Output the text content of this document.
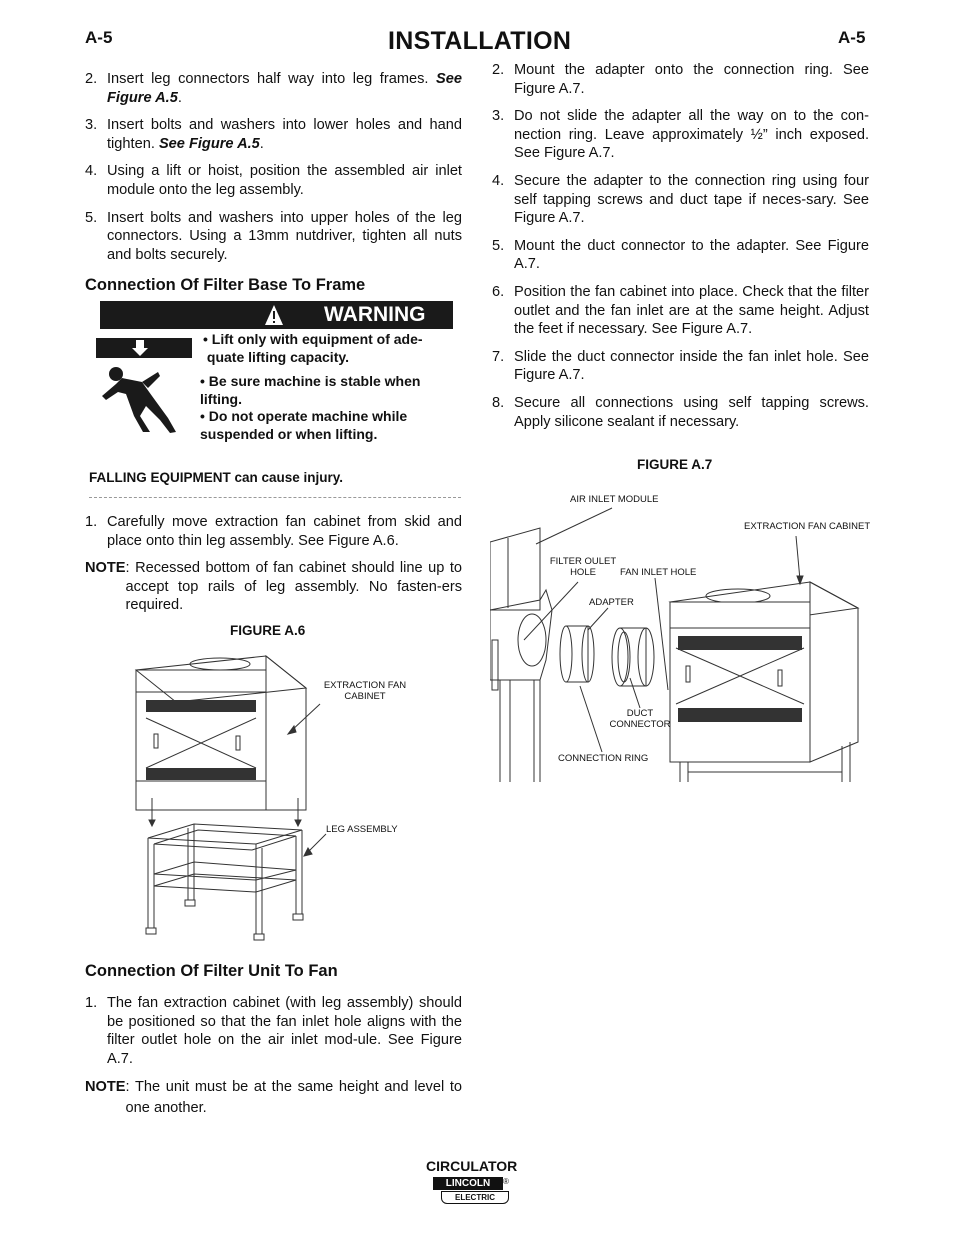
A-5	INSTALLATION	A-5
2. Insert leg connectors half way into leg frames. See Figure A.5.
3. Insert bolts and washers into lower holes and hand tighten. See Figure A.5.
4. Using a lift or hoist, position the assembled air inlet module onto the leg assembly.
5. Insert bolts and washers into upper holes of the leg connectors. Using a 13mm nutdriver, tighten all nuts and bolts securely.
Connection Of Filter Base To Frame
WARNING
• Lift only with equipment of ade- quate lifting capacity.
• Be sure machine is stable when lifting.
• Do not operate machine while suspended or when lifting.
FALLING EQUIPMENT can cause injury.
1. Carefully move extraction fan cabinet from skid and place onto thin leg assembly. See Figure A.6.
NOTE : Recessed bottom of fan cabinet should line up to accept top rails of leg assembly. No fasten-ers required.
FIGURE A.6
EXTRACTION FAN
CABINET
LEG ASSEMBLY
Connection Of Filter Unit To Fan
1. The fan extraction cabinet (with leg assembly) should be positioned so that the fan inlet hole aligns with the filter outlet hole on the air inlet mod-ule. See Figure A.7.
NOTE : The unit must be at the same height and level to one another.
2. Mount the adapter onto the connection ring. See Figure A.7.
3. Do not slide the adapter all the way on to the con-nection ring. Leave approximately ½” inch exposed. See Figure A.7.
4. Secure the adapter to the connection ring using four self tapping screws and duct tape if neces-sary. See Figure A.7.
5. Mount the duct connector to the adapter. See Figure A.7.
6. Position the fan cabinet into place. Check that the filter outlet and the fan inlet are at the same height. Adjust the feet if necessary. See Figure A.7.
7. Slide the duct connector inside the fan inlet hole. See Figure A.7.
8. Secure all connections using self tapping screws. Apply silicone sealant if necessary.
FIGURE A.7
AIR INLET MODULE
EXTRACTION FAN CABINET
FILTER OULET
HOLE	FAN INLET HOLE
ADAPTER
DUCT
CONNECTOR
CONNECTION RING
CIRCULATOR
LINCOLN	®
ELECTRIC
